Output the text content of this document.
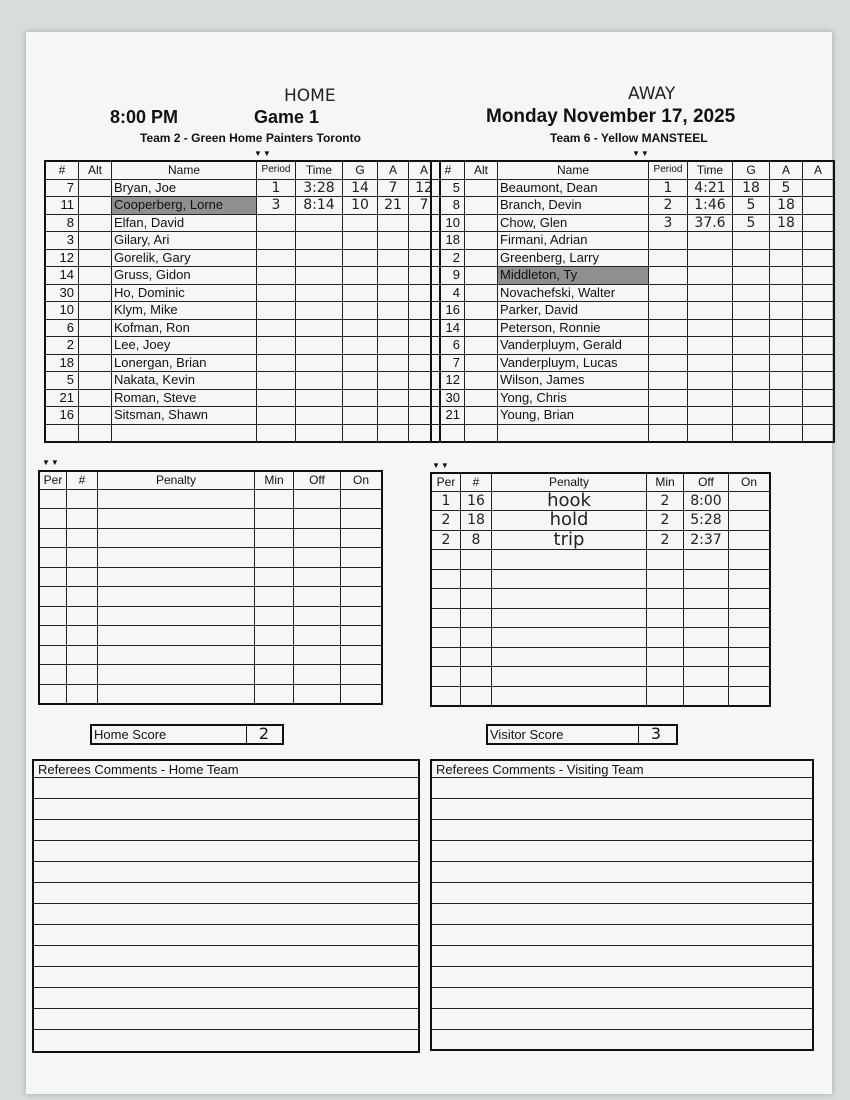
HOME	AWAY
8:00 PM	Game 1	Monday November 17, 2025
Team 2 - Green Home Painters Toronto	Team 6 - Yellow MANSTEEL
▼▼	▼▼
▼▼	▼▼
#	Alt	Name	Period	Time	G	A	A
7		Bryan, Joe	1	3:28	14	7	12
11		Cooperberg, Lorne	3	8:14	10	21	7
8		Elfan, David					
3		Gilary, Ari					
12		Gorelik, Gary					
14		Gruss, Gidon					
30		Ho, Dominic					
10		Klym, Mike					
6		Kofman, Ron					
2		Lee, Joey					
18		Lonergan, Brian					
5		Nakata, Kevin					
21		Roman, Steve					
16		Sitsman, Shawn					

#	Alt	Name	Period	Time	G	A	A
5		Beaumont, Dean	1	4:21	18	5	
8		Branch, Devin	2	1:46	5	18	
10		Chow, Glen	3	37.6	5	18	
18		Firmani, Adrian					
2		Greenberg, Larry					
9		Middleton, Ty					
4		Novachefski, Walter					
16		Parker, David					
14		Peterson, Ronnie					
6		Vanderpluym, Gerald					
7		Vanderpluym, Lucas					
12		Wilson, James					
30		Yong, Chris					
21		Young, Brian					

Per	#	Penalty	Min	Off	On

						Per	#	Penalty	Min	Off	On
1	16	hook	2	8:00	
2	18	hold	2	5:28	
2	8	trip	2	2:37	

Home Score	2	Visitor Score	3
Referees Comments - Home Team	Referees Comments - Visiting Team
